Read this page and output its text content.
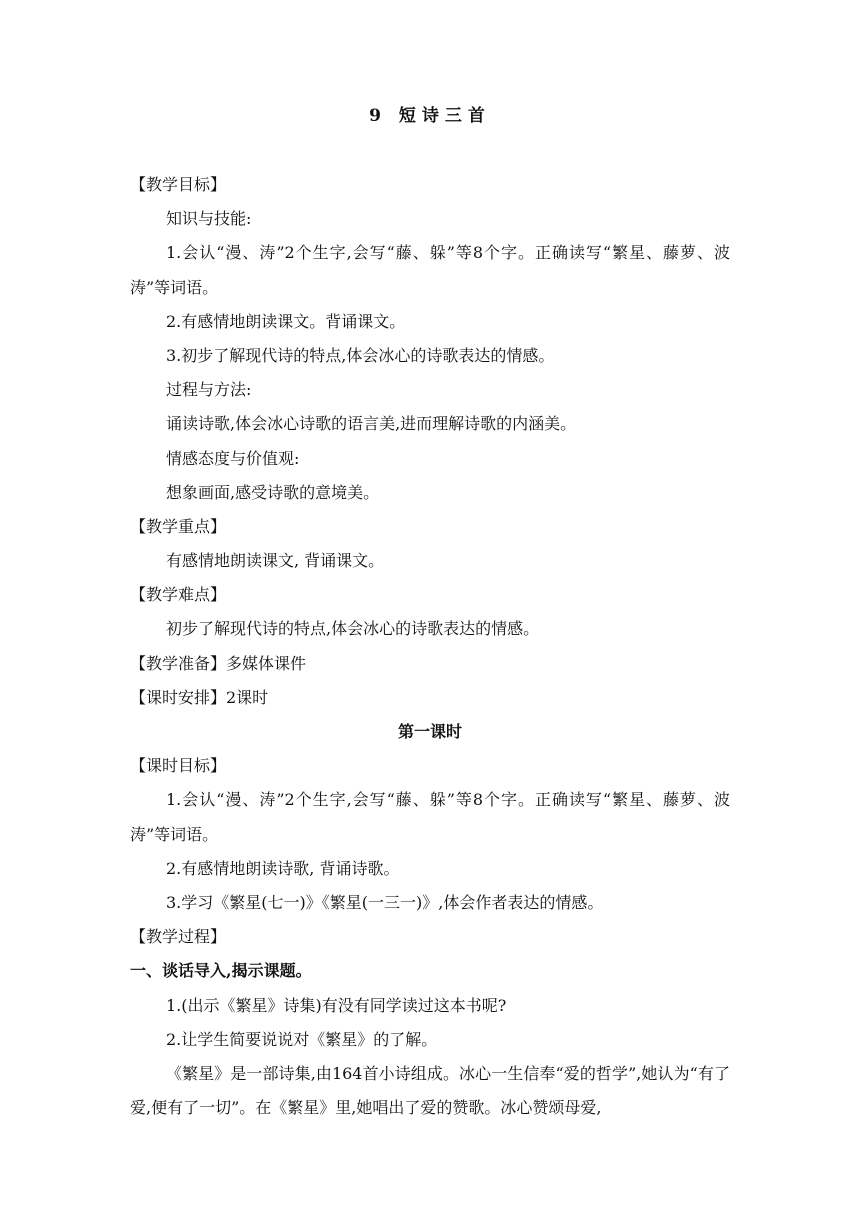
9 短诗三首
【教学目标】
知识与技能:
1.会认“漫、涛”2个生字,会写“藤、躲”等8个字。正确读写“繁星、藤萝、波涛”等词语。
2.有感情地朗读课文。背诵课文。
3.初步了解现代诗的特点,体会冰心的诗歌表达的情感。
过程与方法:
诵读诗歌,体会冰心诗歌的语言美,进而理解诗歌的内涵美。
情感态度与价值观:
想象画面,感受诗歌的意境美。
【教学重点】
有感情地朗读课文, 背诵课文。
【教学难点】
初步了解现代诗的特点,体会冰心的诗歌表达的情感。
【教学准备】多媒体课件
【课时安排】2课时
第一课时
【课时目标】
1.会认“漫、涛”2个生字,会写“藤、躲”等8个字。正确读写“繁星、藤萝、波涛”等词语。
2.有感情地朗读诗歌, 背诵诗歌。
3.学习《繁星(七一)》《繁星(一三一)》,体会作者表达的情感。
【教学过程】
一、谈话导入,揭示课题。
1.(出示《繁星》诗集)有没有同学读过这本书呢?
2.让学生简要说说对《繁星》的了解。
《繁星》是一部诗集,由164首小诗组成。冰心一生信奉“爱的哲学”,她认为“有了爱,便有了一切”。在《繁星》里,她唱出了爱的赞歌。冰心赞颂母爱,
